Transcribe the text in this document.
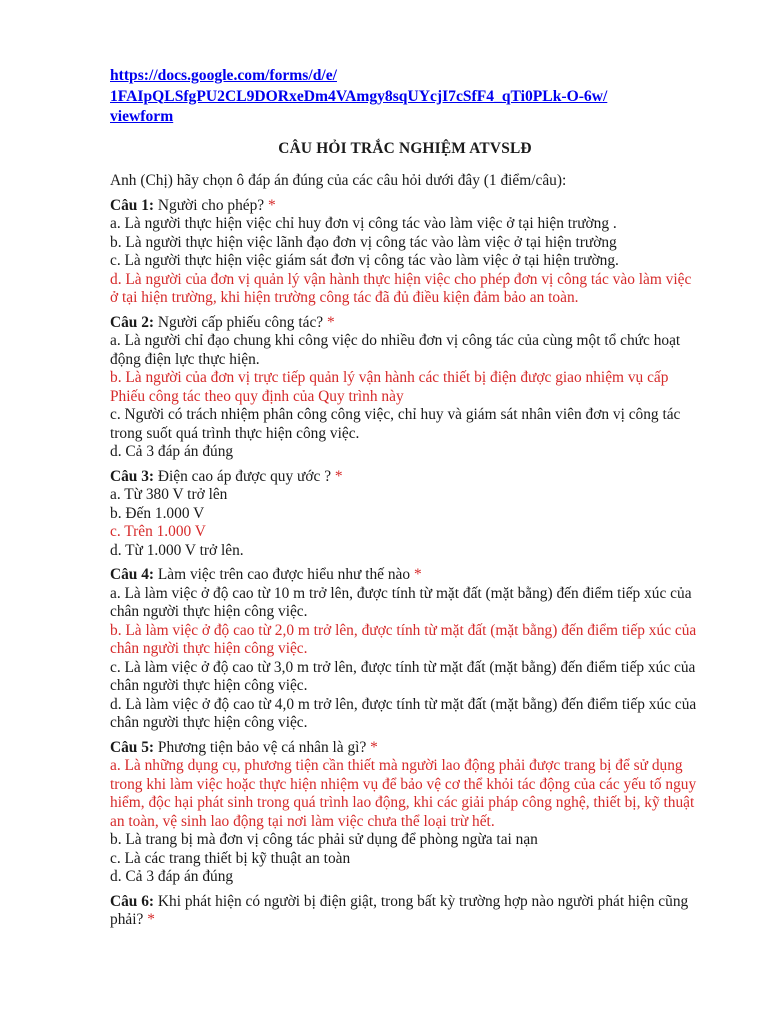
https://docs.google.com/forms/d/e/
1FAIpQLSfgPU2CL9DORxeDm4VAmgy8sqUYcjI7cSfF4_qTi0PLk-O-6w/
viewform
CÂU HỎI TRẮC NGHIỆM ATVSLĐ
Anh (Chị) hãy chọn ô đáp án đúng của các câu hỏi dưới đây (1 điểm/câu):
Câu 1: Người cho phép? *
a. Là người thực hiện việc chỉ huy đơn vị công tác vào làm việc ở tại hiện trường .
b. Là người thực hiện việc lãnh đạo đơn vị công tác vào làm việc ở tại hiện trường
c. Là người thực hiện việc giám sát đơn vị công tác vào làm việc ở tại hiện trường.
d. Là người của đơn vị quản lý vận hành thực hiện việc cho phép đơn vị công tác vào làm việc ở tại hiện trường, khi hiện trường công tác đã đủ điều kiện đảm bảo an toàn.
Câu 2: Người cấp phiếu công tác? *
a. Là người chỉ đạo chung khi công việc do nhiều đơn vị công tác của cùng một tổ chức hoạt động điện lực thực hiện.
b. Là người của đơn vị trực tiếp quản lý vận hành các thiết bị điện được giao nhiệm vụ cấp Phiếu công tác theo quy định của Quy trình này
c. Người có trách nhiệm phân công công việc, chỉ huy và giám sát nhân viên đơn vị công tác trong suốt quá trình thực hiện công việc.
d. Cả 3 đáp án đúng
Câu 3: Điện cao áp được quy ước ? *
a. Từ 380 V trở lên
b. Đến 1.000 V
c. Trên 1.000 V
d. Từ 1.000 V trở lên.
Câu 4: Làm việc trên cao được hiểu như thế nào *
a. Là làm việc ở độ cao từ 10 m trở lên, được tính từ mặt đất (mặt bằng) đến điểm tiếp xúc của chân người thực hiện công việc.
b. Là làm việc ở độ cao từ 2,0 m trở lên, được tính từ mặt đất (mặt bằng) đến điểm tiếp xúc của chân người thực hiện công việc.
c. Là làm việc ở độ cao từ 3,0 m trở lên, được tính từ mặt đất (mặt bằng) đến điểm tiếp xúc của chân người thực hiện công việc.
d. Là làm việc ở độ cao từ 4,0 m trở lên, được tính từ mặt đất (mặt bằng) đến điểm tiếp xúc của chân người thực hiện công việc.
Câu 5: Phương tiện bảo vệ cá nhân là gì? *
a. Là những dụng cụ, phương tiện cần thiết mà người lao động phải được trang bị để sử dụng trong khi làm việc hoặc thực hiện nhiệm vụ để bảo vệ cơ thể khỏi tác động của các yếu tố nguy hiểm, độc hại phát sinh trong quá trình lao động, khi các giải pháp công nghệ, thiết bị, kỹ thuật an toàn, vệ sinh lao động tại nơi làm việc chưa thể loại trừ hết.
b. Là trang bị mà đơn vị công tác phải sử dụng để phòng ngừa tai nạn
c. Là các trang thiết bị kỹ thuật an toàn
d. Cả 3 đáp án đúng
Câu 6: Khi phát hiện có người bị điện giật, trong bất kỳ trường hợp nào người phát hiện cũng phải? *
